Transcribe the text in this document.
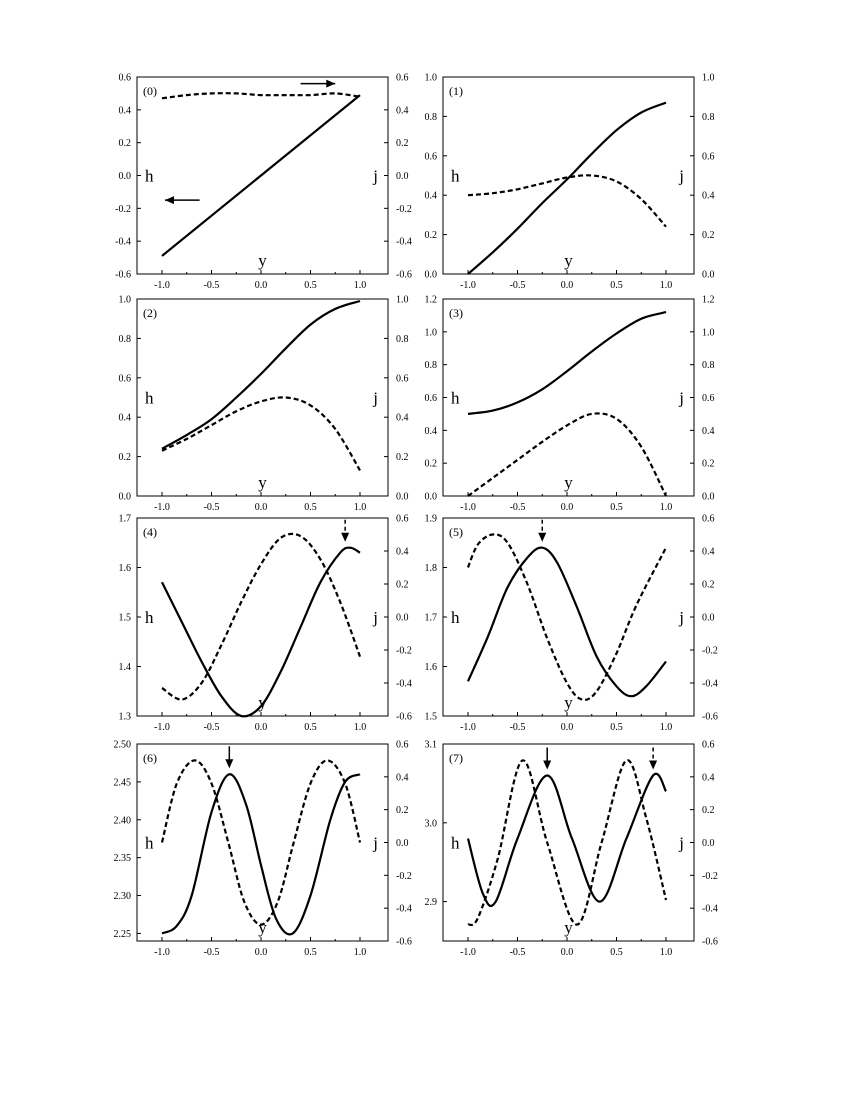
-1.0	-0.5	0.0	0.5	1.0
-0.6
-0.4
-0.2
0.0
0.2
0.4
0.6
-0.6
-0.4
-0.2
0.0
0.2
0.4
0.6
(0)
h	j
y
-1.0	-0.5	0.0	0.5	1.0
0.0
0.2
0.4
0.6
0.8
1.0
0.0
0.2
0.4
0.6
0.8
1.0
(1)
h	j
y
-1.0	-0.5	0.0	0.5	1.0
0.0
0.2
0.4
0.6
0.8
1.0
0.0
0.2
0.4
0.6
0.8
1.0
(2)
h	j
y
-1.0	-0.5	0.0	0.5	1.0
0.0
0.2
0.4
0.6
0.8
1.0
1.2
0.0
0.2
0.4
0.6
0.8
1.0
1.2
(3)
h	j
y
-1.0	-0.5	0.0	0.5	1.0
1.3
1.4
1.5
1.6
1.7
-0.6
-0.4
-0.2
0.0
0.2
0.4
0.6
(4)
h	j
y
-1.0	-0.5	0.0	0.5	1.0
1.5
1.6
1.7
1.8
1.9
-0.6
-0.4
-0.2
0.0
0.2
0.4
0.6
(5)
h	j
y
-1.0	-0.5	0.0	0.5	1.0
2.25
2.30
2.35
2.40
2.45
2.50
-0.6
-0.4
-0.2
0.0
0.2
0.4
0.6
(6)
h	j
y
-1.0	-0.5	0.0	0.5	1.0
2.9
3.0
3.1
-0.6
-0.4
-0.2
0.0
0.2
0.4
0.6
(7)
h	j
y
